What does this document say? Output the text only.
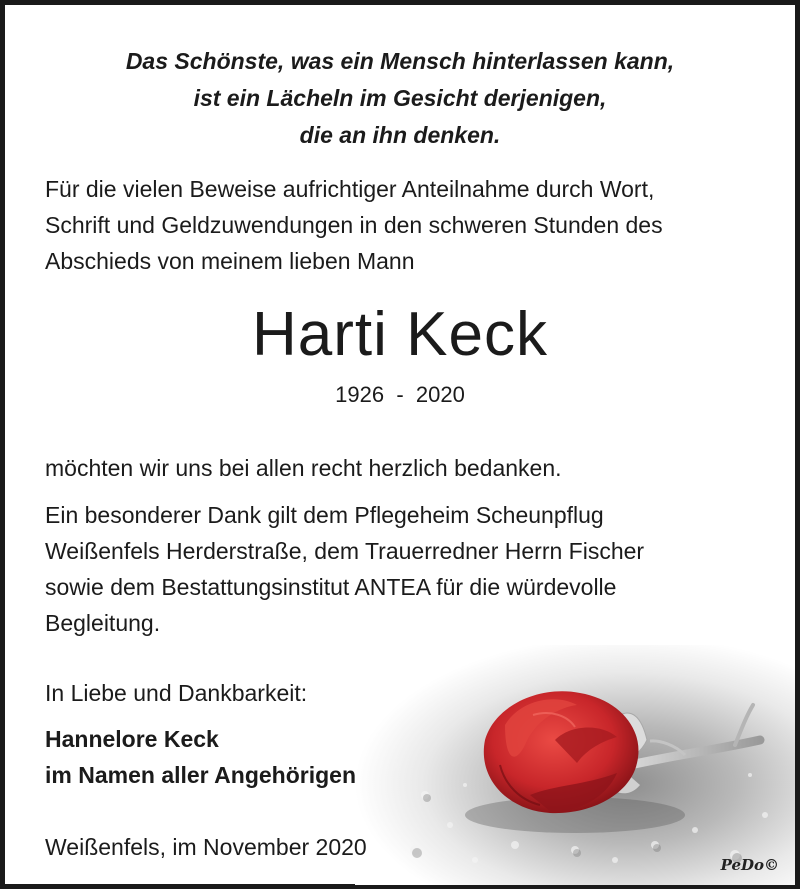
Das Schönste, was ein Mensch hinterlassen kann,
ist ein Lächeln im Gesicht derjenigen,
die an ihn denken.
Für die vielen Beweise aufrichtiger Anteilnahme durch Wort,
Schrift und Geldzuwendungen in den schweren Stunden des
Abschieds von meinem lieben Mann
Harti Keck
1926  -  2020
möchten wir uns bei allen recht herzlich bedanken.
Ein besonderer Dank gilt dem Pflegeheim Scheunpflug
Weißenfels Herderstraße, dem Trauerredner Herrn Fischer
sowie dem Bestattungsinstitut ANTEA für die würdevolle
Begleitung.
In Liebe und Dankbarkeit:
Hannelore Keck
im Namen aller Angehörigen
Weißenfels, im November 2020
PeDo©
